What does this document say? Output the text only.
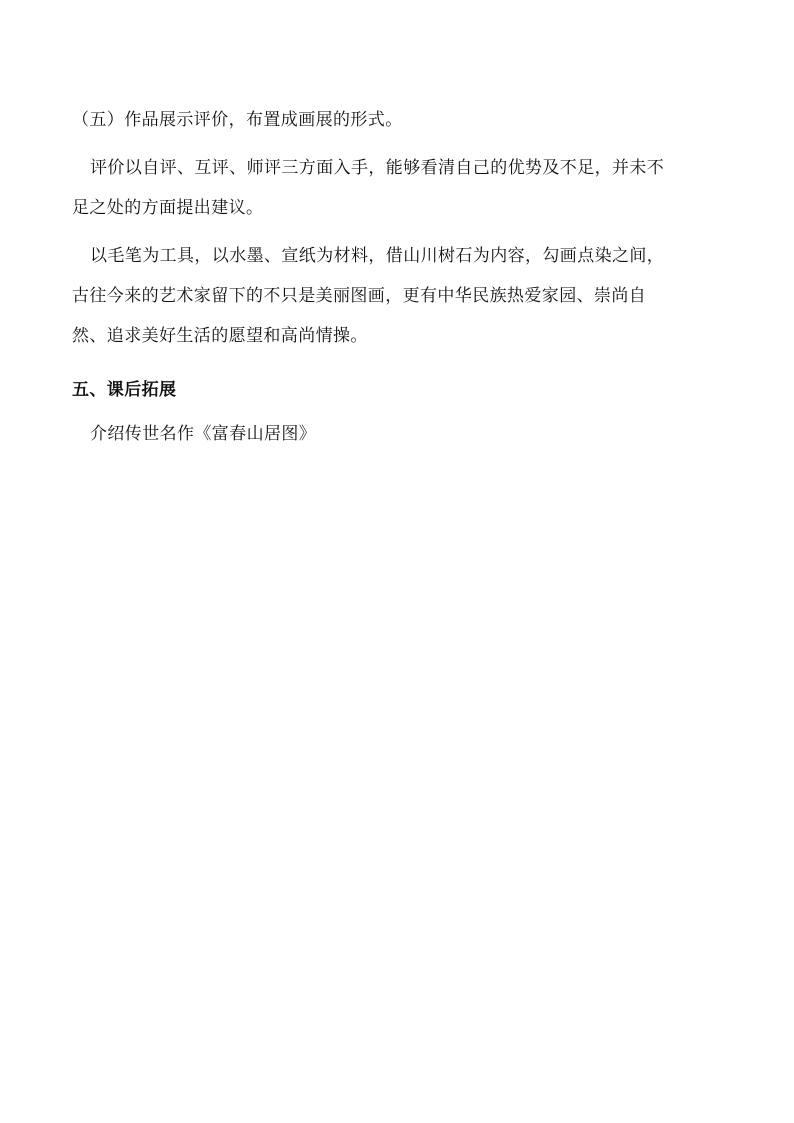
（五）作品展示评价，布置成画展的形式。

评价以自评、互评、师评三方面入手，能够看清自己的优势及不足，并未不

足之处的方面提出建议。

以毛笔为工具，以水墨、宣纸为材料，借山川树石为内容，勾画点染之间，

古往今来的艺术家留下的不只是美丽图画，更有中华民族热爱家园、崇尚自

然、追求美好生活的愿望和高尚情操。

五、课后拓展

介绍传世名作《富春山居图》
